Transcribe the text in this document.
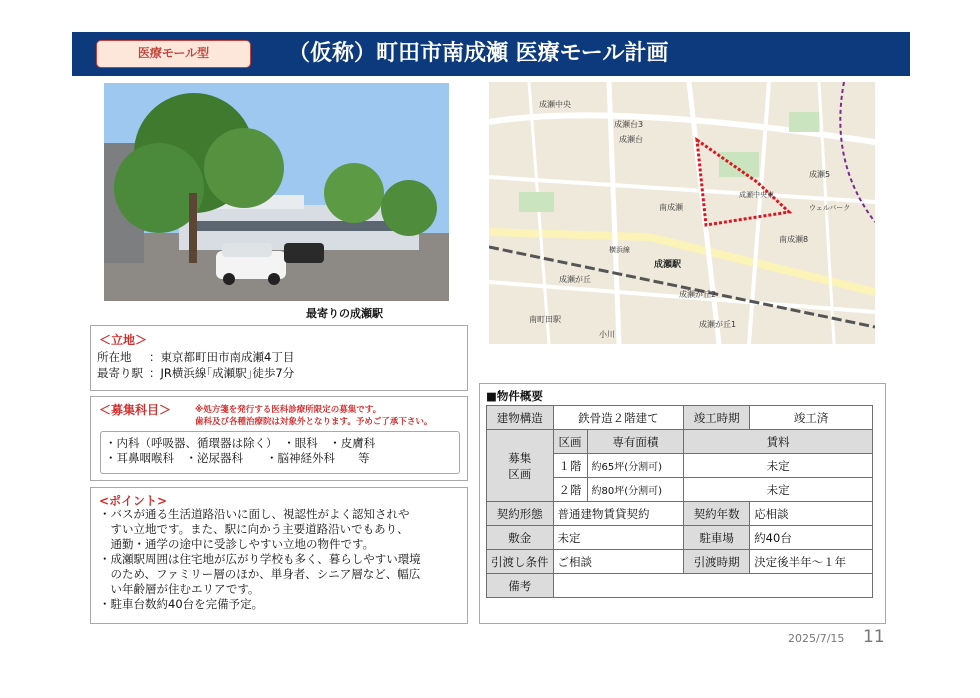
医療モール型	（仮称）町田市南成瀬 医療モール計画
最寄りの成瀬駅
成瀬中央
成瀬台
南成瀬
成瀬駅
成瀬が丘
南町田駅
成瀬が丘2
成瀬が丘1
南成瀬8
成瀬5
成瀬台3
ウェルパーク
小川
成瀬中央東
横浜線
＜立地＞
所在地	：東京都町田市南成瀬4丁目
最寄り駅 ：JR横浜線｢成瀬駅｣徒歩7分
＜募集科目＞	※処方箋を発行する医科診療所限定の募集です。
歯科及び各種治療院は対象外となります。予めご了承下さい。
・内科（呼吸器、循環器は除く）　・眼科　・皮膚科
・耳鼻咽喉科　・泌尿器科　　・脳神経外科　　等
<ポイント>
・バスが通る生活道路沿いに面し、視認性がよく認知されや
　すい立地です。また、駅に向かう主要道路沿いでもあり、
　通勤・通学の途中に受診しやすい立地の物件です。
・成瀬駅周囲は住宅地が広がり学校も多く、暮らしやすい環境
　のため、ファミリー層のほか、単身者、シニア層など、幅広
　い年齢層が住むエリアです。
・駐車台数約40台を完備予定。
■物件概要
建物構造	鉄骨造２階建て		竣工時期	竣工済

募集
区画	区画	専有面積	賃料	
	１階	約65坪(分割可)	未定	
	２階	約80坪(分割可)	未定	
契約形態	普通建物賃貸契約		契約年数	応相談
敷金	未定		駐車場	約40台
引渡し条件	ご相談		引渡時期	決定後半年～１年
備考				
2025/7/15 11
